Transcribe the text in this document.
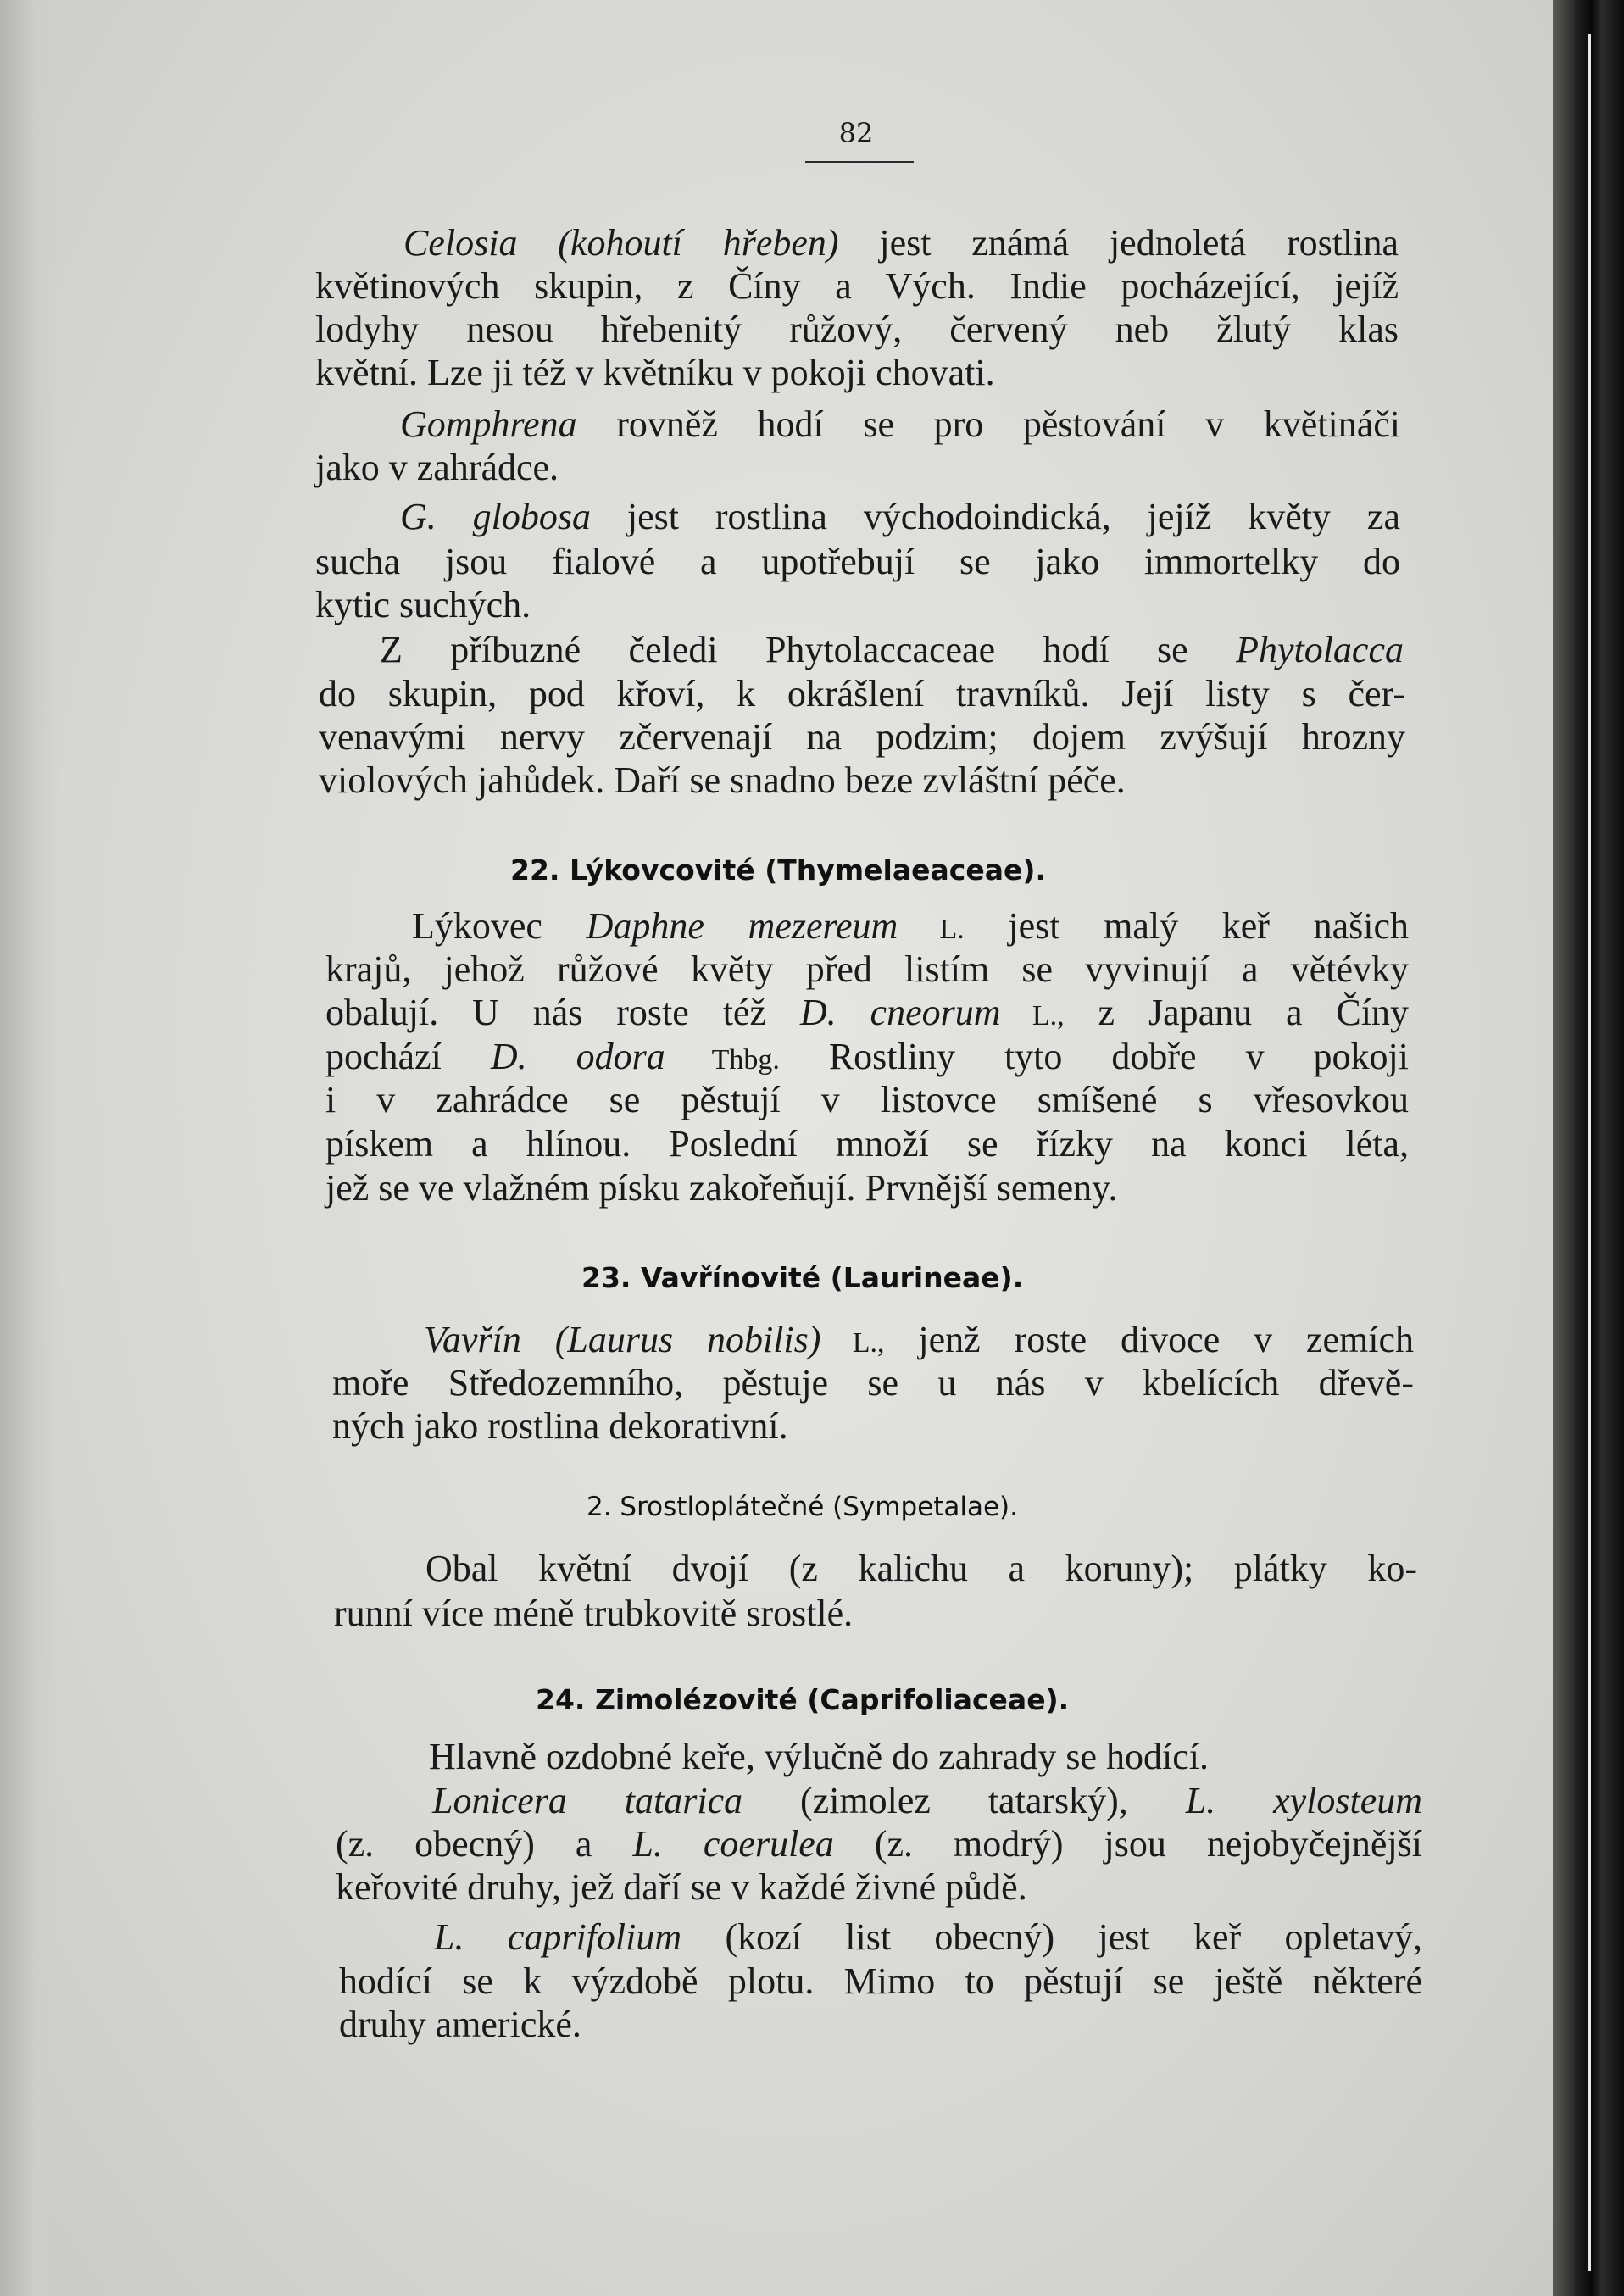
82
Celosia (kohoutí hřeben) jest známá jednoletá rostlina
květinových skupin, z Číny a Vých. Indie pocházející, jejíž
lodyhy nesou hřebenitý růžový, červený neb žlutý klas
květní. Lze ji též v květníku v pokoji chovati.
Gomphrena rovněž hodí se pro pěstování v květináči
jako v zahrádce.
G. globosa jest rostlina východoindická, jejíž květy za
sucha jsou fialové a upotřebují se jako immortelky do
kytic suchých.
Z příbuzné čeledi Phytolaccaceae hodí se Phytolacca
do skupin, pod křoví, k okrášlení travníků. Její listy s čer-
venavými nervy zčervenají na podzim; dojem zvýšují hrozny
violových jahůdek. Daří se snadno beze zvláštní péče.
22. Lýkovcovité (Thymelaeaceae).
Lýkovec Daphne mezereum L. jest malý keř našich
krajů, jehož růžové květy před listím se vyvinují a větévky
obalují. U nás roste též D. cneorum L., z Japanu a Číny
pochází D. odora Thbg. Rostliny tyto dobře v pokoji
i v zahrádce se pěstují v listovce smíšené s vřesovkou
pískem a hlínou. Poslední množí se řízky na konci léta,
jež se ve vlažném písku zakořeňují. Prvnější semeny.
23. Vavřínovité (Laurineae).
Vavřín (Laurus nobilis) L., jenž roste divoce v zemích
moře Středozemního, pěstuje se u nás v kbelících dřevě-
ných jako rostlina dekorativní.
2. Srostloplátečné (Sympetalae).
Obal květní dvojí (z kalichu a koruny); plátky ko-
runní více méně trubkovitě srostlé.
24. Zimolézovité (Caprifoliaceae).
Hlavně ozdobné keře, výlučně do zahrady se hodící.
Lonicera tatarica (zimolez tatarský), L. xylosteum
(z. obecný) a L. coerulea (z. modrý) jsou nejobyčejnější
keřovité druhy, jež daří se v každé živné půdě.
L. caprifolium (kozí list obecný) jest keř opletavý,
hodící se k výzdobě plotu. Mimo to pěstují se ještě některé
druhy americké.
